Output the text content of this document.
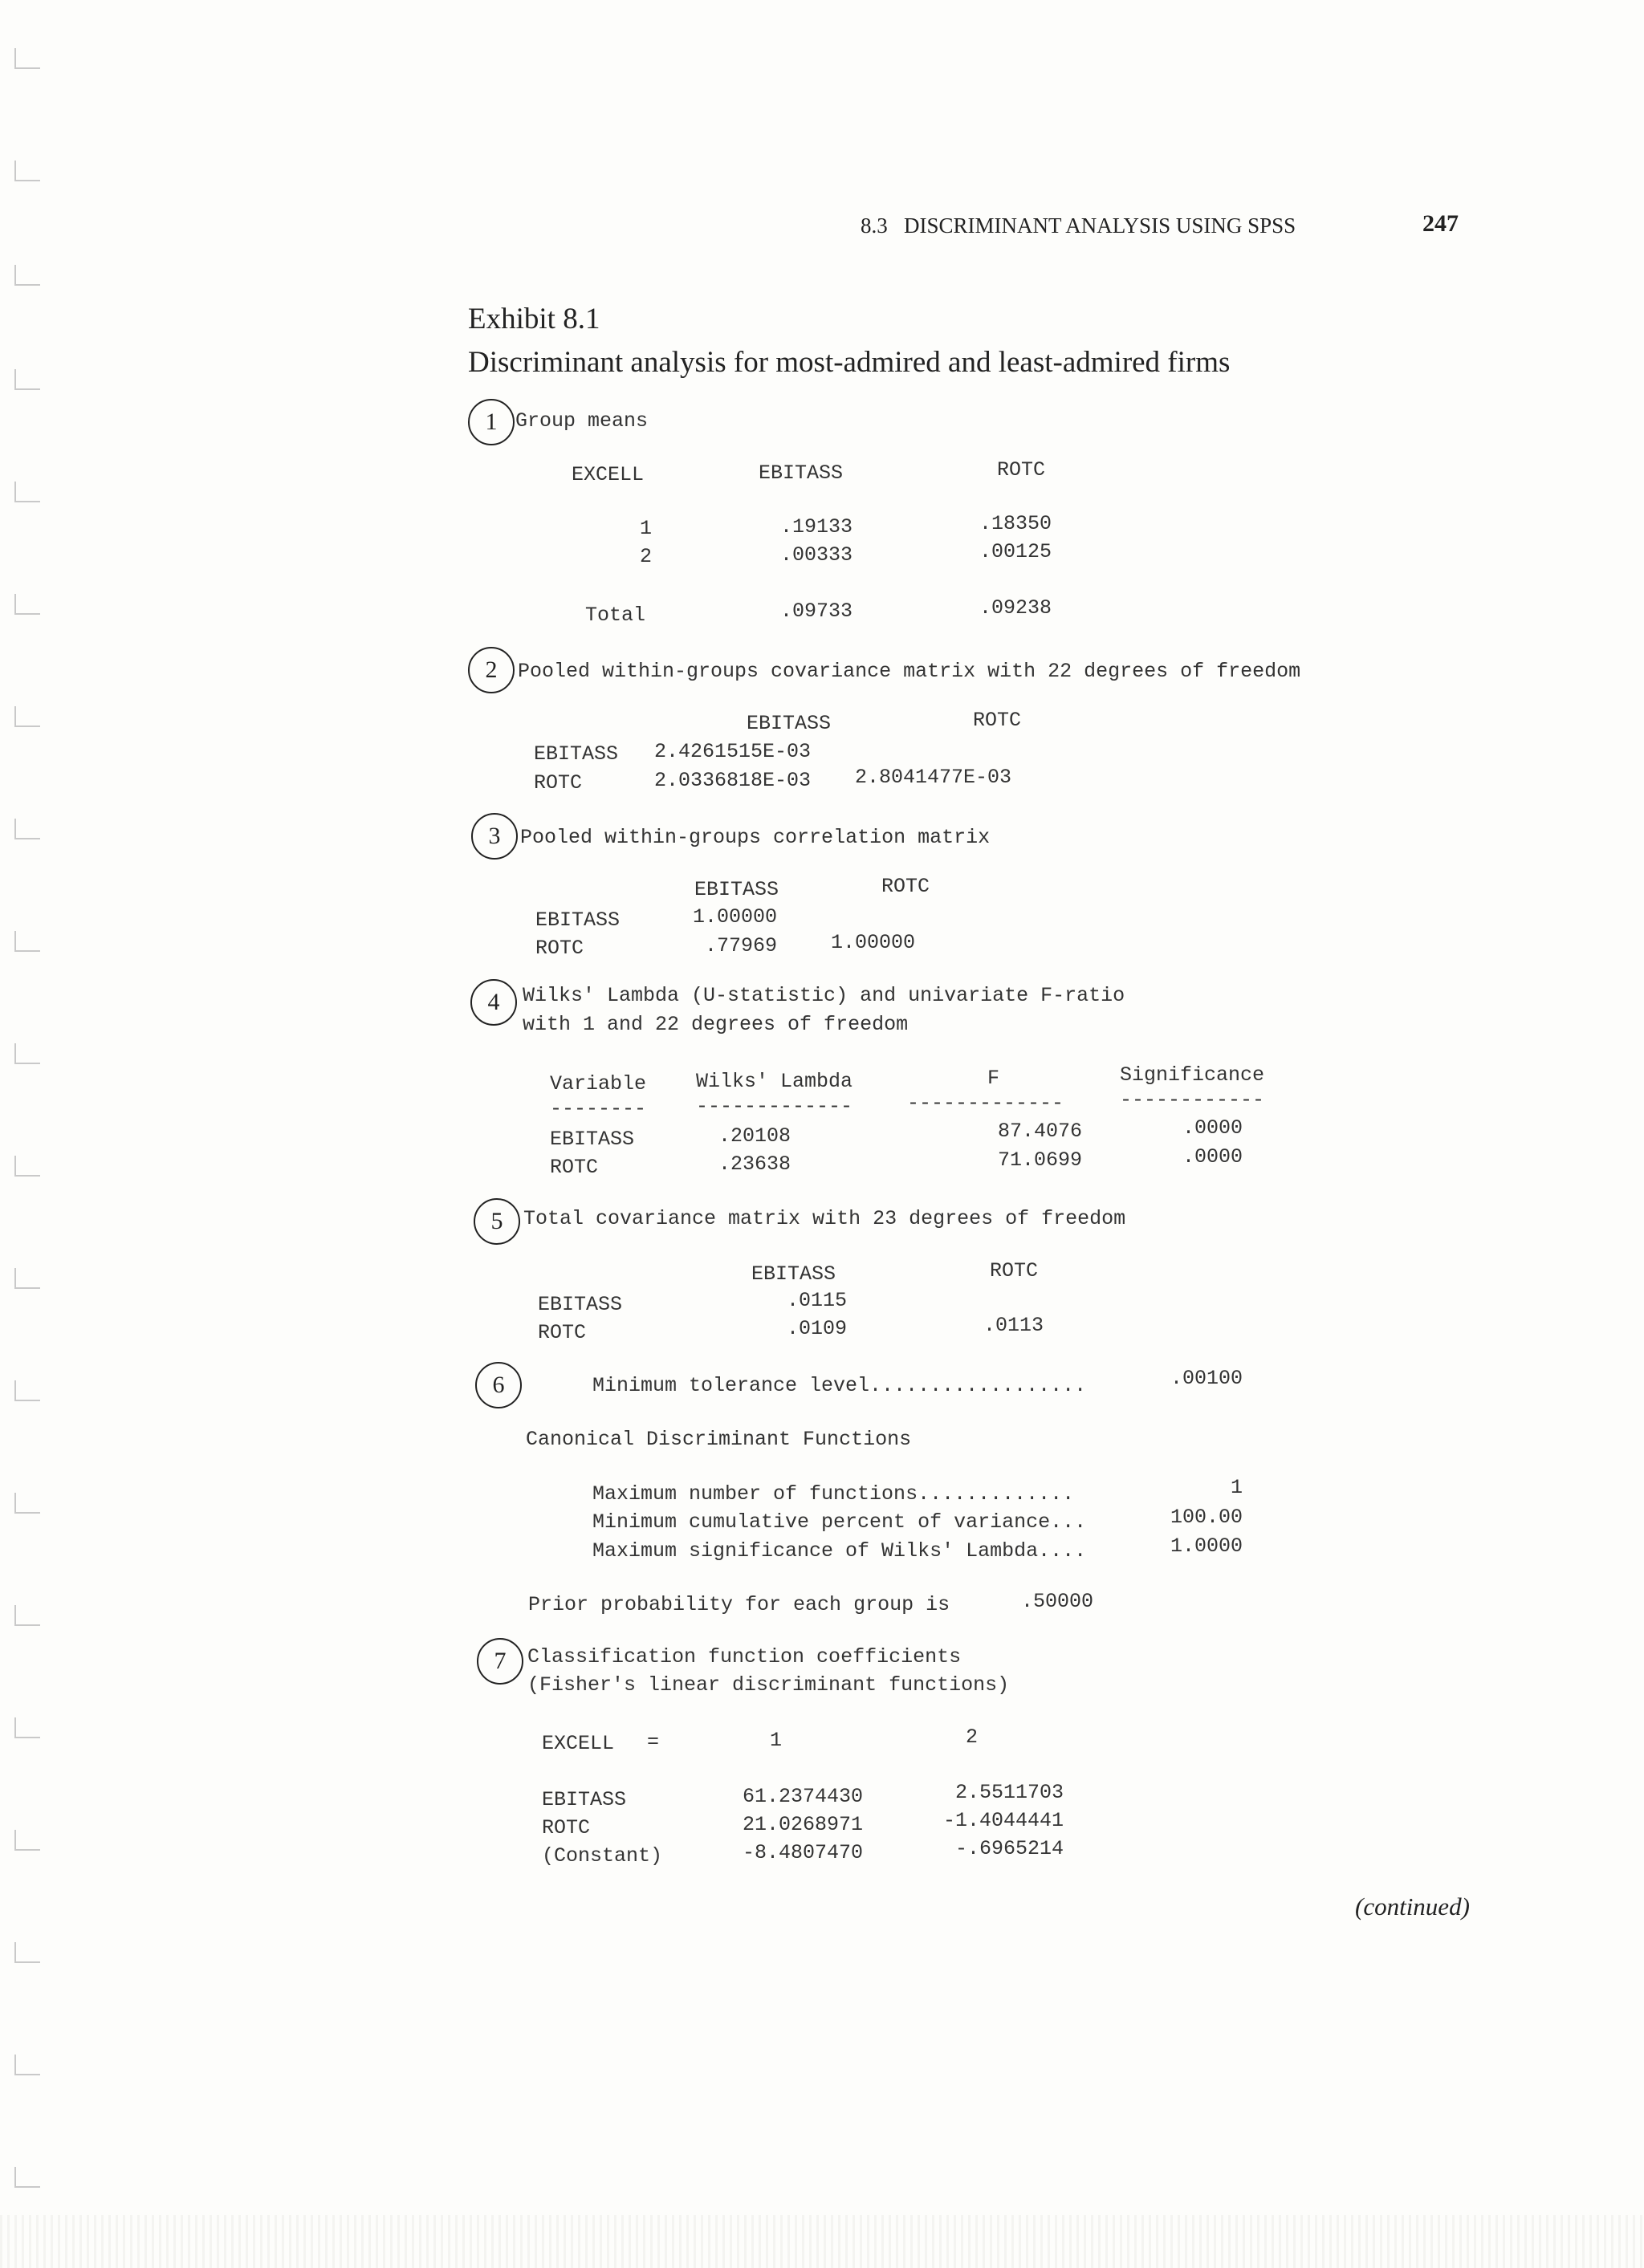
8.3 DISCRIMINANT ANALYSIS USING SPSS	247
Exhibit 8.1
Discriminant analysis for most-admired and least-admired firms
1 Group means
EXCELL	EBITASS	ROTC
1	.19133	.18350
2	.00333	.00125
Total	.09733	.09238
2	Pooled within-groups covariance matrix with 22 degrees of freedom
EBITASS	ROTC
EBITASS 2.4261515E-03
ROTC	2.0336818E-03 2.8041477E-03
3 Pooled within-groups correlation matrix
EBITASS	ROTC
EBITASS	1.00000
ROTC	.77969	1.00000
4	Wilks' Lambda (U-statistic) and univariate F-ratio
with 1 and 22 degrees of freedom
Variable Wilks' Lambda	F	Significance
-------- -------------	-------------	------------
EBITASS	.20108	87.4076	.0000
ROTC	.23638	71.0699	.0000
5	Total covariance matrix with 23 degrees of freedom
EBITASS	ROTC
EBITASS	.0115
ROTC	.0109	.0113
6	Minimum tolerance level..................	.00100
Canonical Discriminant Functions
Maximum number of functions.............	1
Minimum cumulative percent of variance...	100.00
Maximum significance of Wilks' Lambda....	1.0000
Prior probability for each group is	.50000
7	Classification function coefficients
(Fisher's linear discriminant functions)
EXCELL =	1	2
EBITASS	61.2374430	2.5511703
ROTC	21.0268971	-1.4044441
(Constant)	-8.4807470	-.6965214
(continued)
